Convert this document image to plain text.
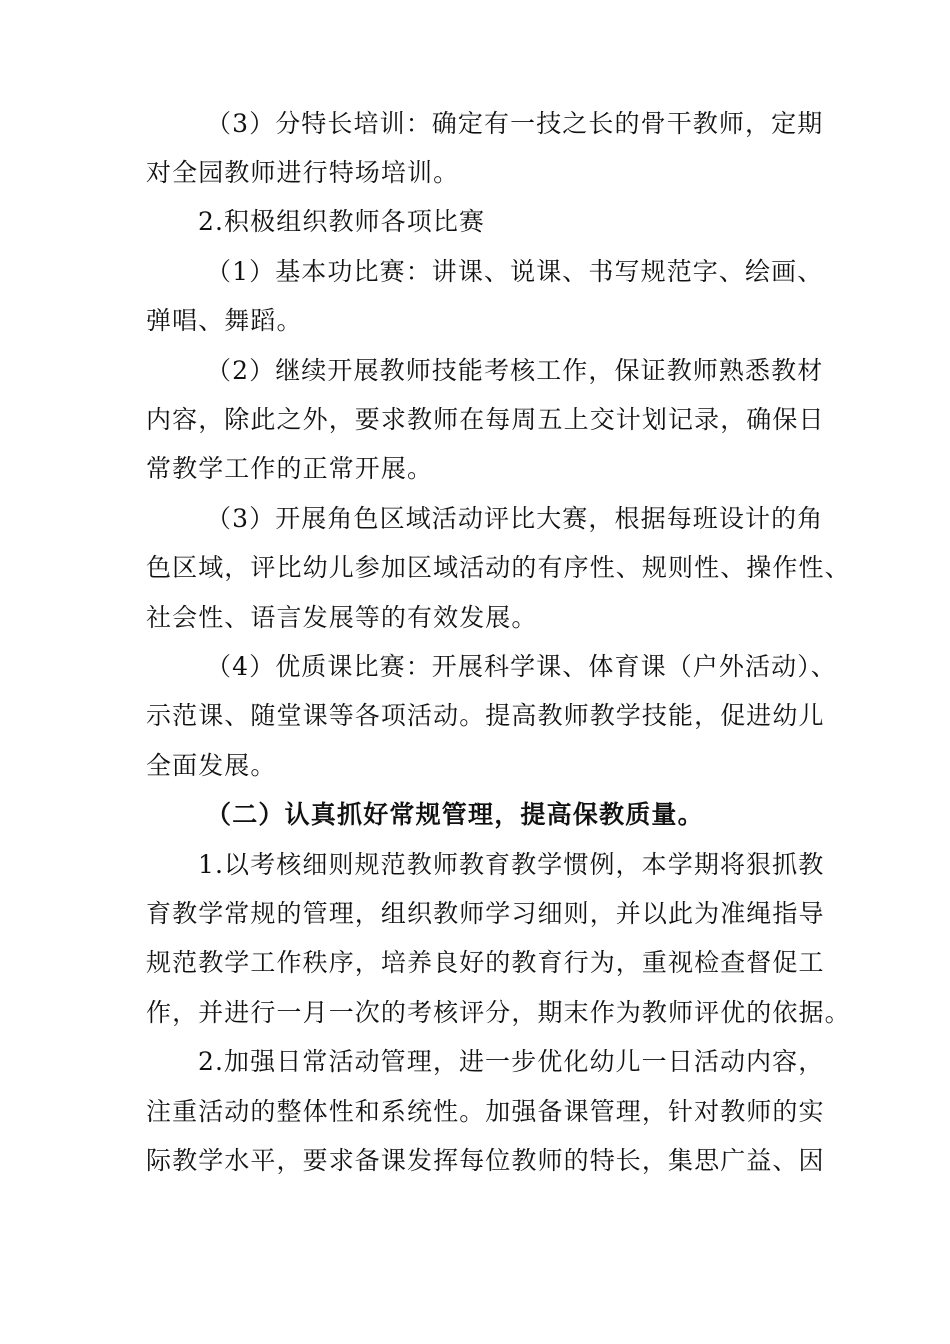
（3）分特长培训：确定有一技之长的骨干教师，定期
对全园教师进行特场培训。
2.积极组织教师各项比赛
（1）基本功比赛：讲课、说课、书写规范字、绘画、
弹唱、舞蹈。
（2）继续开展教师技能考核工作，保证教师熟悉教材
内容，除此之外，要求教师在每周五上交计划记录，确保日
常教学工作的正常开展。
（3）开展角色区域活动评比大赛，根据每班设计的角
色区域，评比幼儿参加区域活动的有序性、规则性、操作性、
社会性、语言发展等的有效发展。
（4）优质课比赛：开展科学课、体育课（户外活动）、
示范课、随堂课等各项活动。提高教师教学技能，促进幼儿
全面发展。
（二）认真抓好常规管理，提高保教质量。
1.以考核细则规范教师教育教学惯例，本学期将狠抓教
育教学常规的管理，组织教师学习细则，并以此为准绳指导
规范教学工作秩序，培养良好的教育行为，重视检查督促工
作，并进行一月一次的考核评分，期末作为教师评优的依据。
2.加强日常活动管理，进一步优化幼儿一日活动内容，
注重活动的整体性和系统性。加强备课管理，针对教师的实
际教学水平，要求备课发挥每位教师的特长，集思广益、因
